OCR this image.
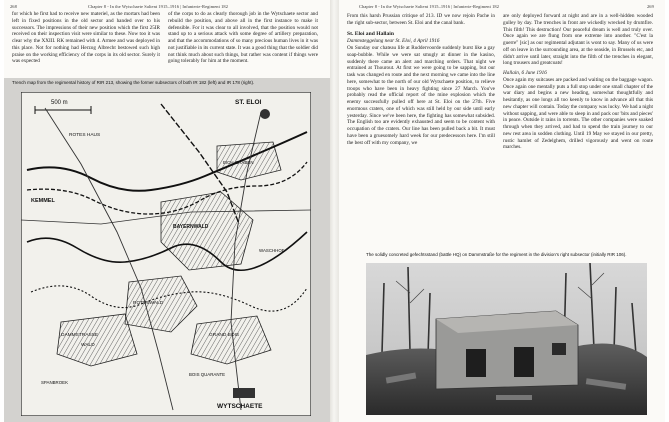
268	Chapter 8 - In the Wytschaete Salient 1915–1916 | Infanterie-Regiment 182

for which he first had to receive new materiel, as the mortars had been left in fixed positions in the old sector and handed over to his successors. The impressions of their new position which the first 25IR received on their inspection visit were similar to these. Now too it was clear why the XXIII. RK remained with 4. Armee and was deployed in this place. Not for nothing had Herzog Albrecht bestowed such high praise on the working efficiency of the corps in its old sector. Surely it was expected

of the corps to do as clearly thorough job in the Wytschaete sector and rebuild the position, and above all in the first instance to make it defensible. For it was clear to all involved, that the position would not stand up to a serious attack with some degree of artillery preparation, and that the accommodations of so many precious human lives in it was not justifiable in its current state. It was a good thing that the soldier did not think much about such things, but rather was content if things were going tolerably for him at the moment.

Trench map from the regimental history of RIR 213, showing the former subsectors of both IR 182 (left) and IR 178 (right).
500 m	ST. ELOI
ROTES HAUS
KEMMEL
BAYERNWALD
ROTESWALD
DAMMSTRASSE
WALD
GRAND BOIS
BOIS QUARANTE
EICH-GRABEN
WASCHHOF
SPANBROEK
WYTSCHAETE
Chapter 8 - In the Wytschaete Salient 1915–1916 | Infanterie-Regiment 182	269

From this harsh Prussian critique of 213. ID we now rejoin Pache in the right sub-sector, between St. Eloi and the canal bank.

St. Eloi and Hallain

Dammsteggelung near St. Eloi, 4 April 1916

On Sunday our chateau life at Ruddervoorde suddenly burst like a gay soap-bubble. While we were sat smugly at dinner in the kasino, suddenly there came an alert and marching orders. That night we entrained at Thourout. At first we were going to be sapping, but our task was changed en route and the next morning we came into the line here, somewhat to the north of our old Wytschaete position, to relieve troops who have been in heavy fighting since 27 March. You've probably read the official report of the mine explosion which the enemy successfully pulled off here at St. Eloi on the 27th. Five enormous craters, one of which was still held by our side until early yesterday. Since we've been here, the fighting has somewhat subsided. The English too are evidently exhausted and seem to be content with occupation of the craters. Our line has been pulled back a bit. It must have been a gruesomely hard week for our predecessors here. I'm still the best off with my company, we

are only deployed forward at night and are in a well-hidden wooded gulley by day. The trenches in front are wickedly wrecked by drumfire. This filth! This destruction! Our peaceful dream is well and truly over. Once again we are flung from one extreme into another. "C'est la guerre" [sic] as our regimental adjutant is wont to say. Many of us were off on leave in the surrounding area, at the seaside, in Brussels etc, and didn't arrive until later, straight into the filth of the trenches in elegant, long trousers and greatcoats!

Hallain, 6 June 1916

Once again my suitcases are packed and waiting on the baggage wagon. Once again one mentally puts a full stop under one small chapter of the war diary and begins a new heading, somewhat thoughtfully and hesitantly, as one longs all too keenly to know in advance all that this new chapter will contain. Today the company was lucky. We had a night without sapping, and were able to sleep in and pack our 'bits and pieces' in peace. Outside it rains in torrents. The other companies were soaked through when they arrived, and had to spend the train journey to our new rest area in sodden clothing. Until 19 May we stayed in our pretty, rustic hamlet of Zedelghem, drilled vigorously and went on route marches.

The solidly concreted gefechtsstand (battle HQ) on Dammstraße for the regiment in the division's right subsector (initially RIR 106).
